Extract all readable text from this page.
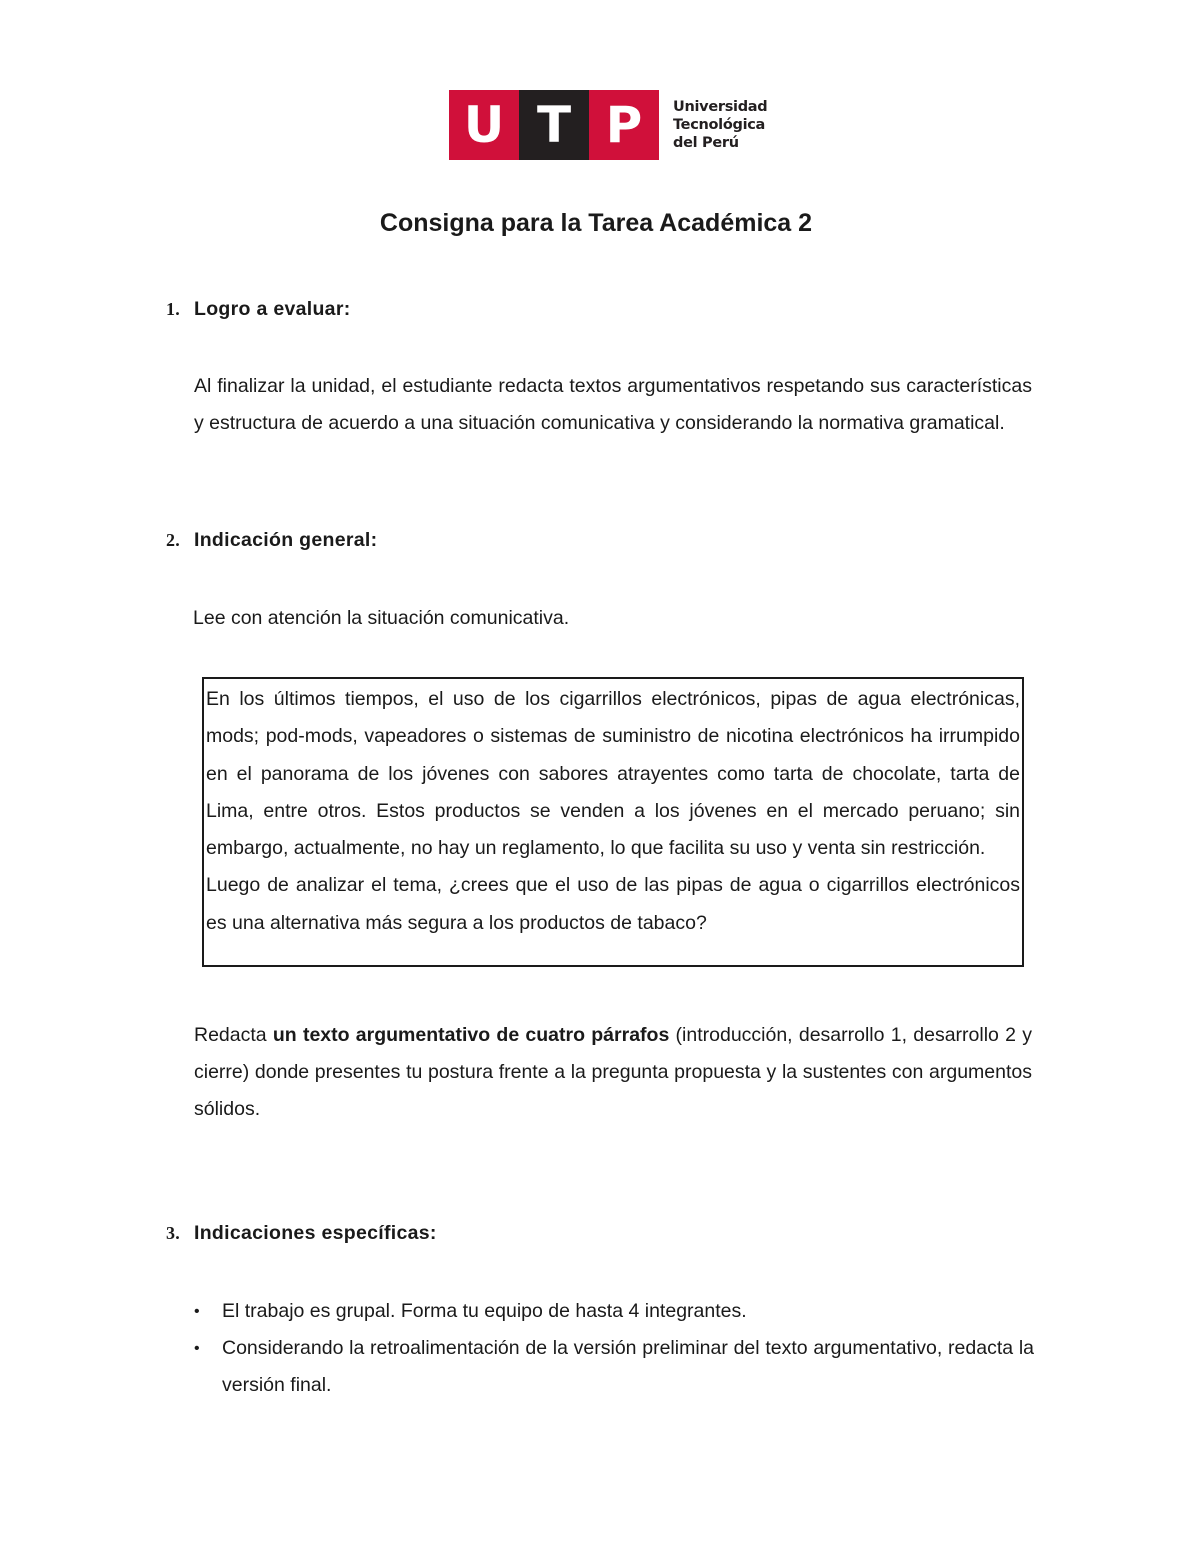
U T P	Universidad
Tecnológica
del Perú
Consigna para la Tarea Académica 2
1. Logro a evaluar:
Al finalizar la unidad, el estudiante redacta textos argumentativos respetando sus características y estructura de acuerdo a una situación comunicativa y considerando la normativa gramatical.
2. Indicación general:
Lee con atención la situación comunicativa.

En los últimos tiempos, el uso de los cigarrillos electrónicos, pipas de agua electrónicas, mods; pod-mods, vapeadores o sistemas de suministro de nicotina electrónicos ha irrumpido en el panorama de los jóvenes con sabores atrayentes como tarta de chocolate, tarta de Lima, entre otros. Estos productos se venden a los jóvenes en el mercado peruano; sin embargo, actualmente, no hay un reglamento, lo que facilita su uso y venta sin restricción.

Luego de analizar el tema, ¿crees que el uso de las pipas de agua o cigarrillos electrónicos es una alternativa más segura a los productos de tabaco?

Redacta un texto argumentativo de cuatro párrafos (introducción, desarrollo 1, desarrollo 2 y cierre) donde presentes tu postura frente a la pregunta propuesta y la sustentes con argumentos sólidos.
3. Indicaciones específicas:
• El trabajo es grupal. Forma tu equipo de hasta 4 integrantes.
• Considerando la retroalimentación de la versión preliminar del texto argumentativo, redacta la versión final.
